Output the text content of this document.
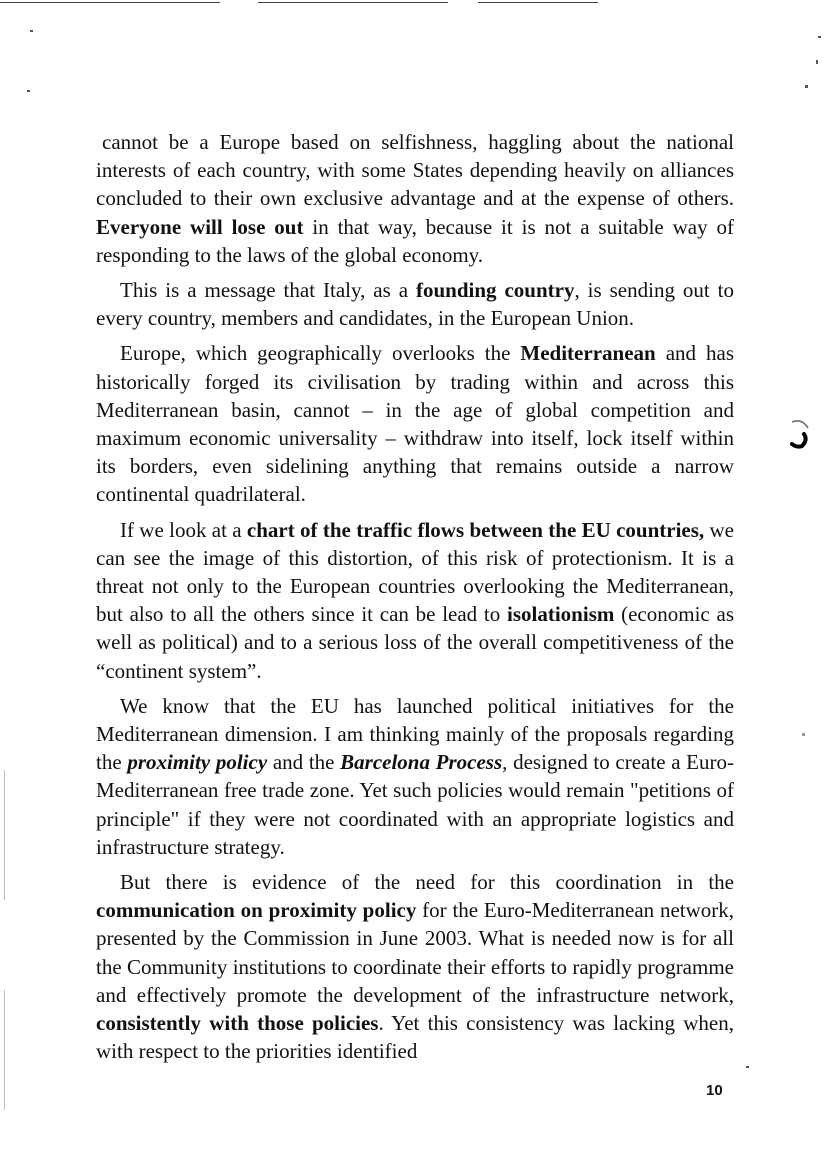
cannot be a Europe based on selfishness, haggling about the national interests of each country, with some States depending heavily on alliances concluded to their own exclusive advantage and at the expense of others. Everyone will lose out in that way, because it is not a suitable way of responding to the laws of the global economy.

This is a message that Italy, as a founding country, is sending out to every country, members and candidates, in the European Union.

Europe, which geographically overlooks the Mediterranean and has historically forged its civilisation by trading within and across this Mediterranean basin, cannot – in the age of global competition and maximum economic universality – withdraw into itself, lock itself within its borders, even sidelining anything that remains outside a narrow continental quadrilateral.

If we look at a chart of the traffic flows between the EU countries, we can see the image of this distortion, of this risk of protectionism. It is a threat not only to the European countries overlooking the Mediterranean, but also to all the others since it can be lead to isolationism (economic as well as political) and to a serious loss of the overall competitiveness of the “continent system”.

We know that the EU has launched political initiatives for the Mediterranean dimension. I am thinking mainly of the proposals regarding the proximity policy and the Barcelona Process, designed to create a Euro-Mediterranean free trade zone. Yet such policies would remain "petitions of principle" if they were not coordinated with an appropriate logistics and infrastructure strategy.

But there is evidence of the need for this coordination in the communication on proximity policy for the Euro-Mediterranean network, presented by the Commission in June 2003. What is needed now is for all the Community institutions to coordinate their efforts to rapidly programme and effectively promote the development of the infrastructure network, consistently with those policies. Yet this consistency was lacking when, with respect to the priorities identified

10
